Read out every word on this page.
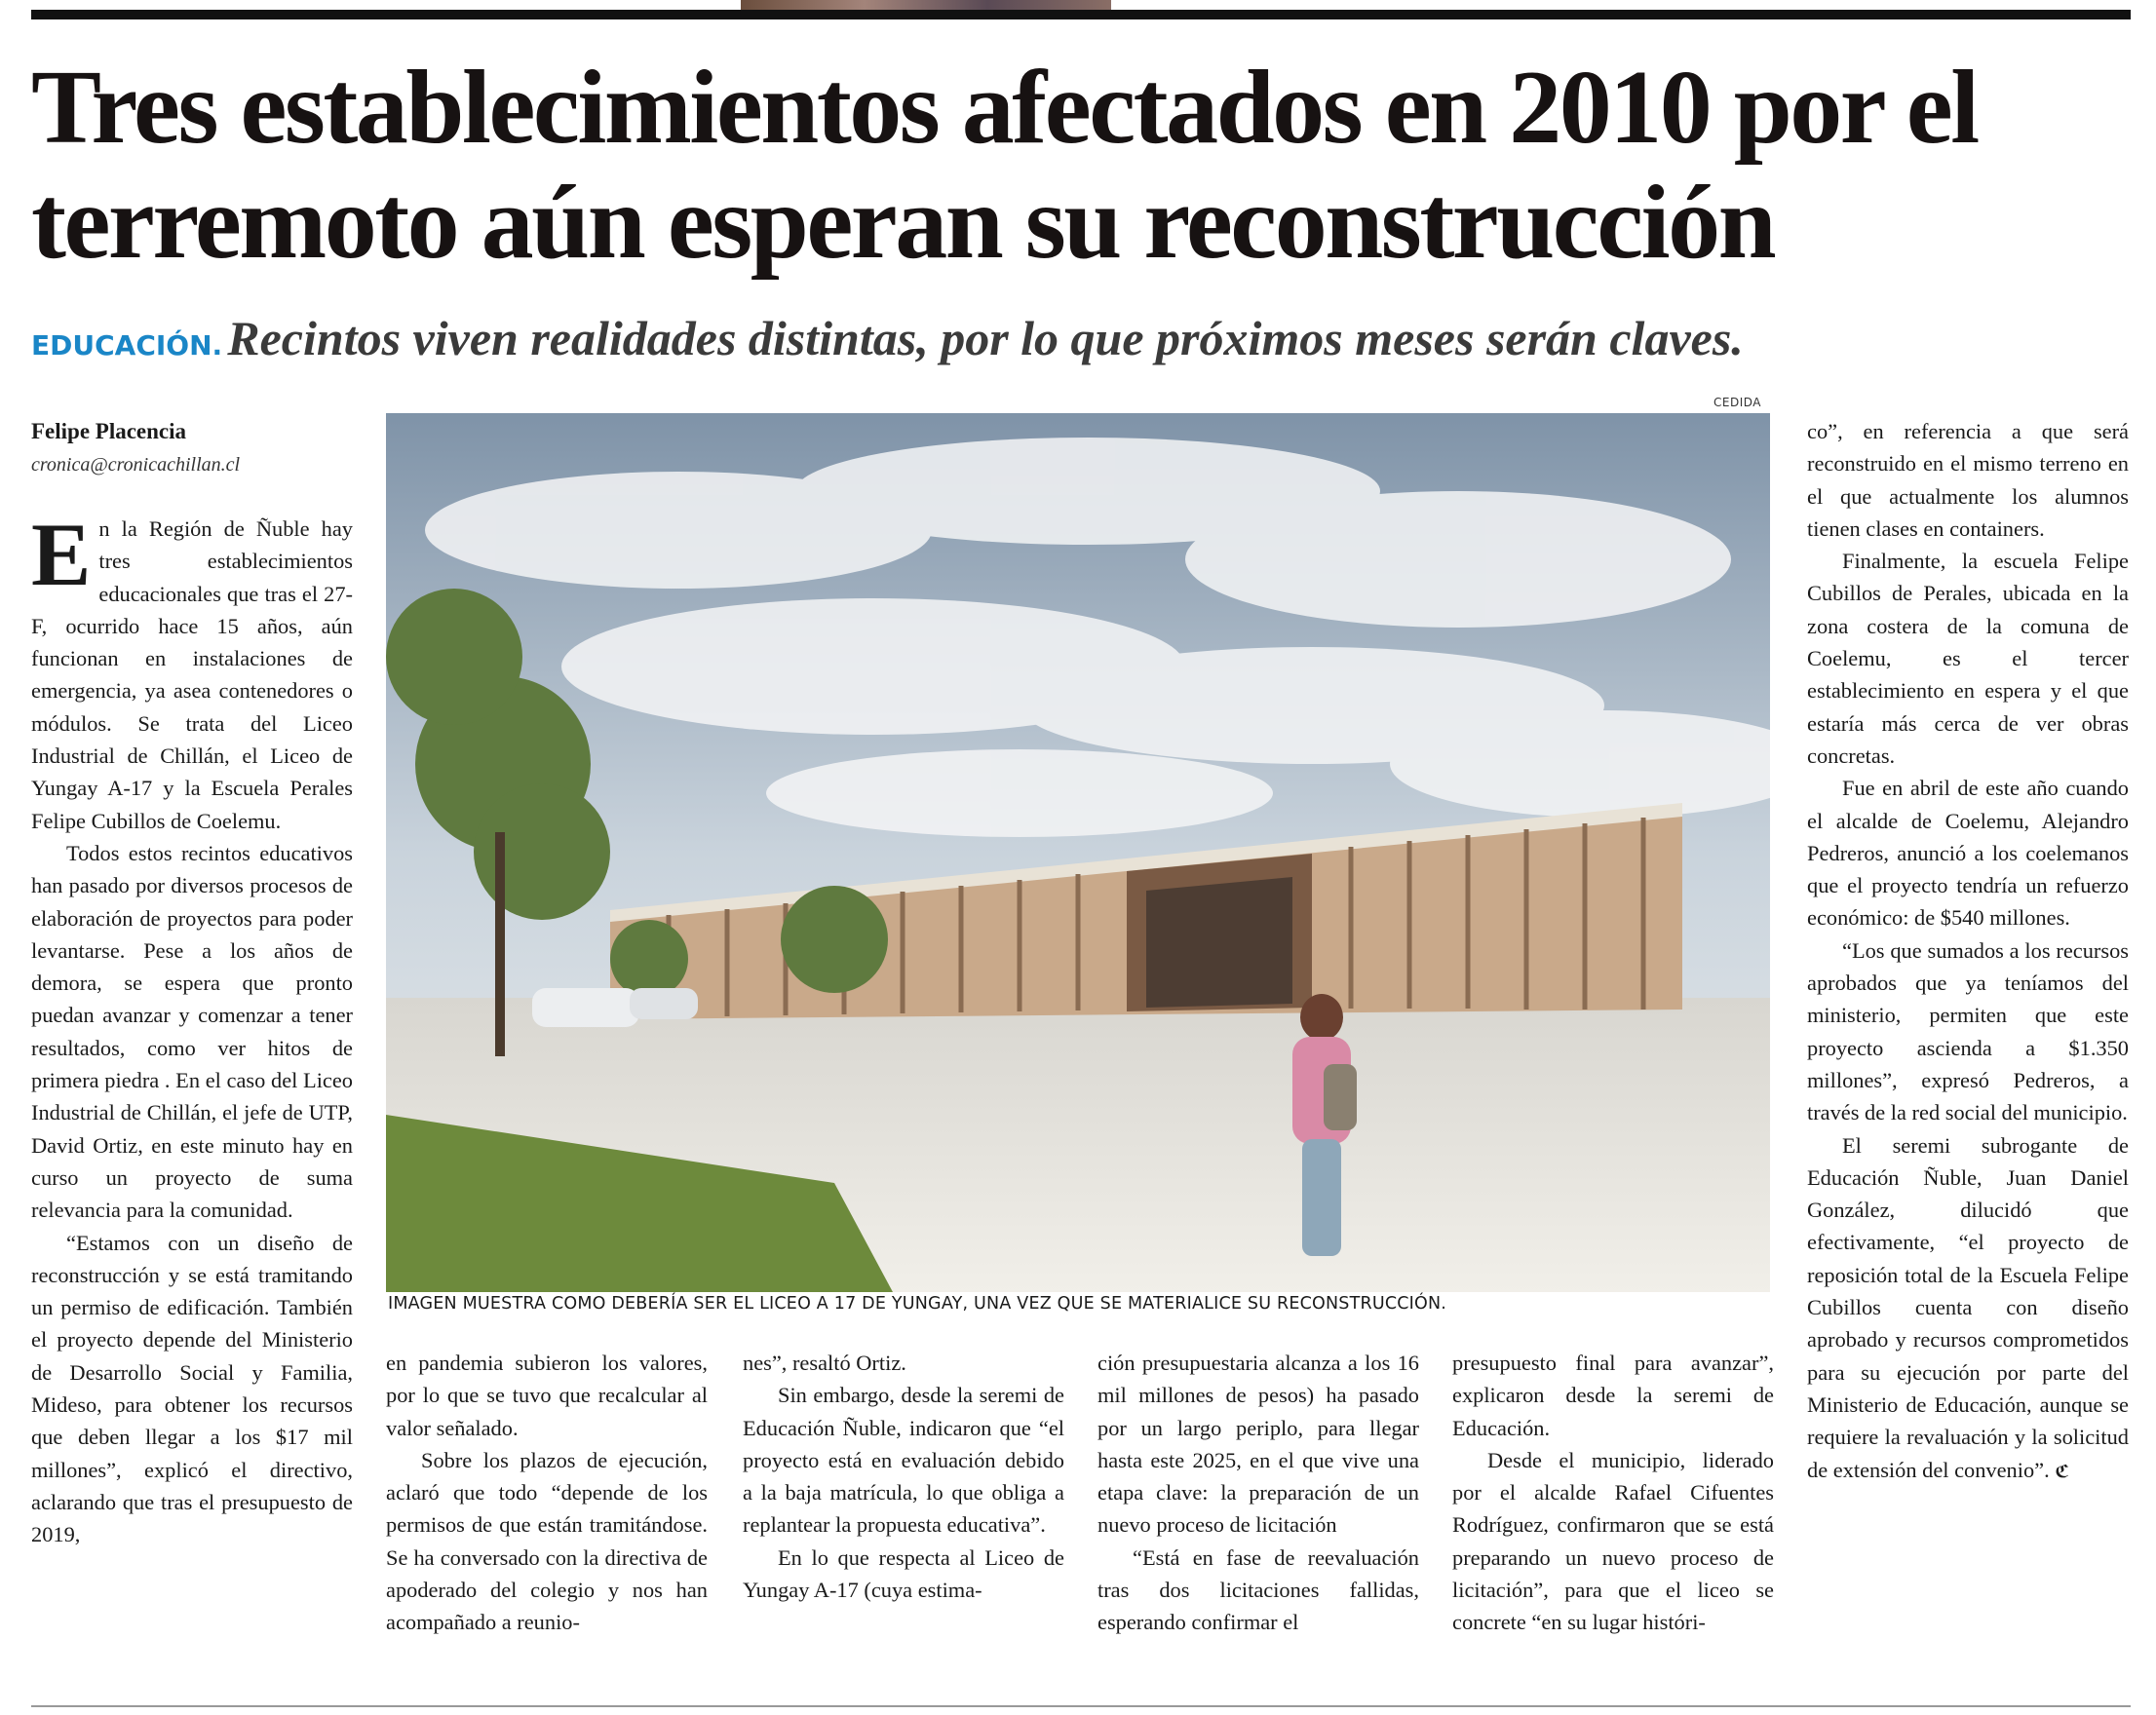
Tres establecimientos afectados en 2010 por el terremoto aún esperan su reconstrucción
EDUCACIÓN. Recintos viven realidades distintas, por lo que próximos meses serán claves.
Felipe Placencia
cronica@cronicachillan.cl

En la Región de Ñuble hay tres establecimientos educacionales que tras el 27-F, ocurrido hace 15 años, aún funcionan en instalaciones de emergencia, ya asea contenedores o módulos. Se trata del Liceo Industrial de Chillán, el Liceo de Yungay A-17 y la Escuela Perales Felipe Cubillos de Coelemu.

Todos estos recintos educativos han pasado por diversos procesos de elaboración de proyectos para poder levantarse. Pese a los años de demora, se espera que pronto puedan avanzar y comenzar a tener resultados, como ver hitos de primera piedra . En el caso del Liceo Industrial de Chillán, el jefe de UTP, David Ortiz, en este minuto hay en curso un proyecto de suma relevancia para la comunidad.

“Estamos con un diseño de reconstrucción y se está tramitando un permiso de edificación. También el proyecto depende del Ministerio de Desarrollo Social y Familia, Mideso, para obtener los recursos que deben llegar a los $17 mil millones”, explicó el directivo, aclarando que tras el presupuesto de 2019,

CEDIDA
IMAGEN MUESTRA COMO DEBERÍA SER EL LICEO A 17 DE YUNGAY, UNA VEZ QUE SE MATERIALICE SU RECONSTRUCCIÓN.

en pandemia subieron los valores, por lo que se tuvo que recalcular al valor señalado.

Sobre los plazos de ejecución, aclaró que todo “depende de los permisos de que están tramitándose. Se ha conversado con la directiva de apoderado del colegio y nos han acompañado a reunio-

nes”, resaltó Ortiz.

Sin embargo, desde la seremi de Educación Ñuble, indicaron que “el proyecto está en evaluación debido a la baja matrícula, lo que obliga a replantear la propuesta educativa”.

En lo que respecta al Liceo de Yungay A-17 (cuya estima-

ción presupuestaria alcanza a los 16 mil millones de pesos) ha pasado por un largo periplo, para llegar hasta este 2025, en el que vive una etapa clave: la preparación de un nuevo proceso de licitación

“Está en fase de reevaluación tras dos licitaciones fallidas, esperando confirmar el

presupuesto final para avanzar”, explicaron desde la seremi de Educación.

Desde el municipio, liderado por el alcalde Rafael Cifuentes Rodríguez, confirmaron que se está preparando un nuevo proceso de licitación”, para que el liceo se concrete “en su lugar históri-

co”, en referencia a que será reconstruido en el mismo terreno en el que actualmente los alumnos tienen clases en containers.

Finalmente, la escuela Felipe Cubillos de Perales, ubicada en la zona costera de la comuna de Coelemu, es el tercer establecimiento en espera y el que estaría más cerca de ver obras concretas.

Fue en abril de este año cuando el alcalde de Coelemu, Alejandro Pedreros, anunció a los coelemanos que el proyecto tendría un refuerzo económico: de $540 millones.

“Los que sumados a los recursos aprobados que ya teníamos del ministerio, permiten que este proyecto ascienda a $1.350 millones”, expresó Pedreros, a través de la red social del municipio.

El seremi subrogante de Educación Ñuble, Juan Daniel González, dilucidó que efectivamente, “el proyecto de reposición total de la Escuela Felipe Cubillos cuenta con diseño aprobado y recursos comprometidos para su ejecución por parte del Ministerio de Educación, aunque se requiere la revaluación y la solicitud de extensión del convenio”. ℭ
